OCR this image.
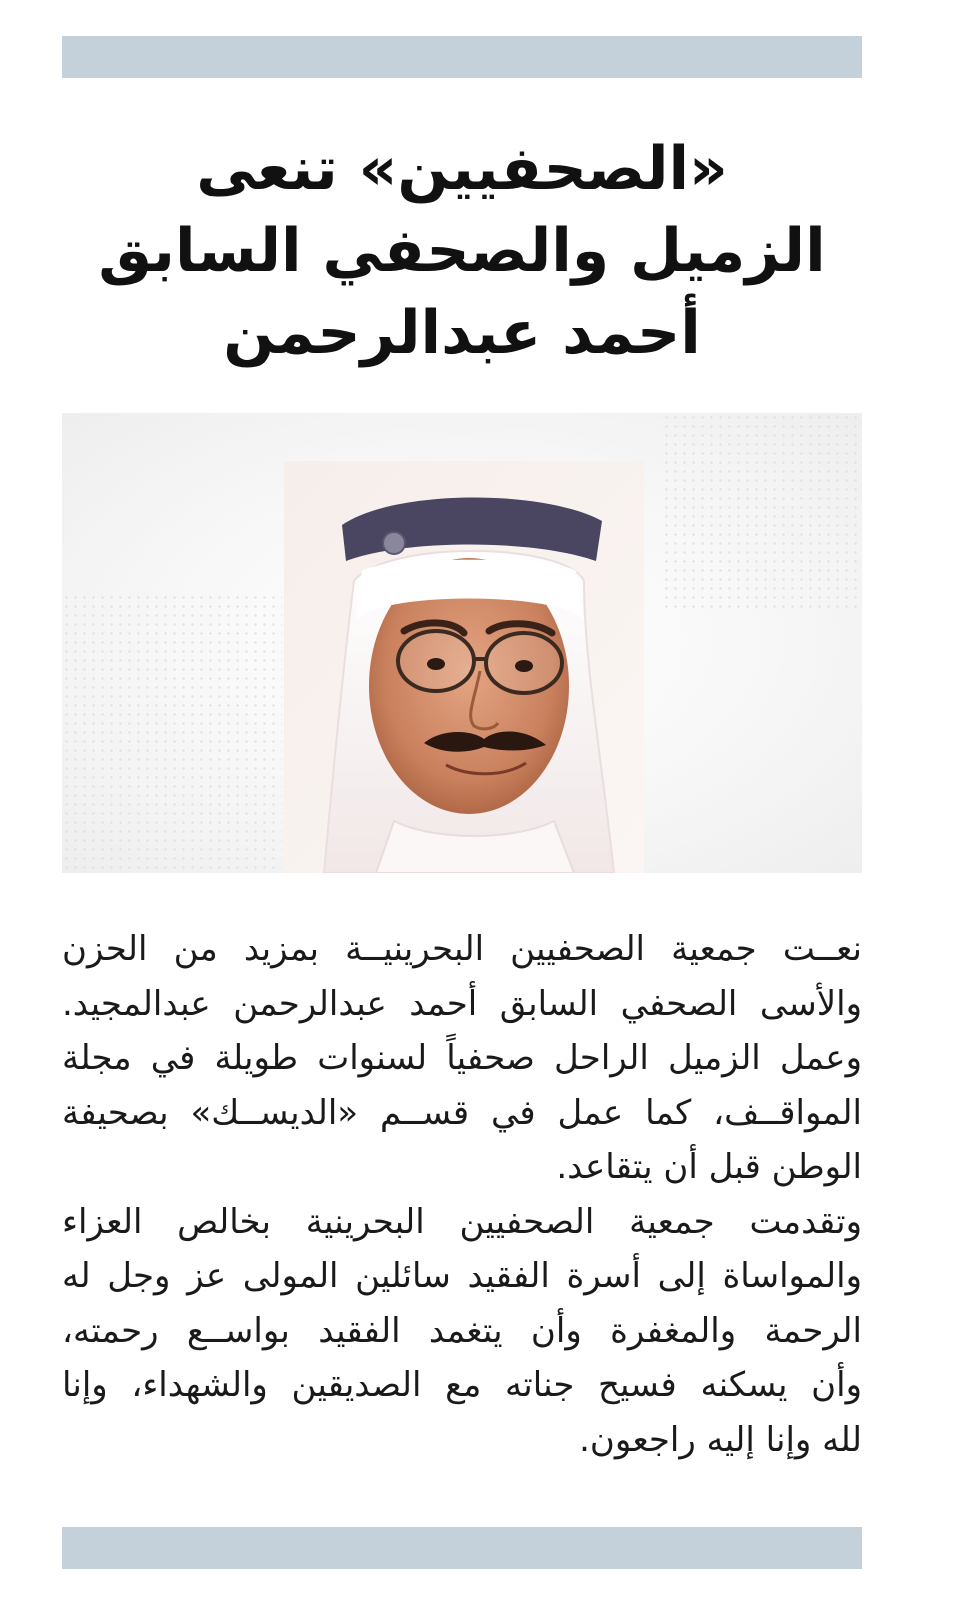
«الصحفيين» تنعى
الزميل والصحفي السابق
أحمد عبدالرحمن
نعــت جمعية الصحفيين البحرينيــة بمزيد من الحزن
والأسى الصحفي السابق أحمد عبدالرحمن عبدالمجيد.
وعمل الزميل الراحل صحفياً لسنوات طويلة في مجلة
المواقــف، كما عمل في قســم «الديســك» بصحيفة
الوطن قبل أن يتقاعد.
وتقدمت جمعية الصحفيين البحرينية بخالص العزاء
والمواساة إلى أسرة الفقيد سائلين المولى عز وجل له
الرحمة والمغفرة وأن يتغمد الفقيد بواســع رحمته،
وأن يسكنه فسيح جناته مع الصديقين والشهداء، وإنا
لله وإنا إليه راجعون.
